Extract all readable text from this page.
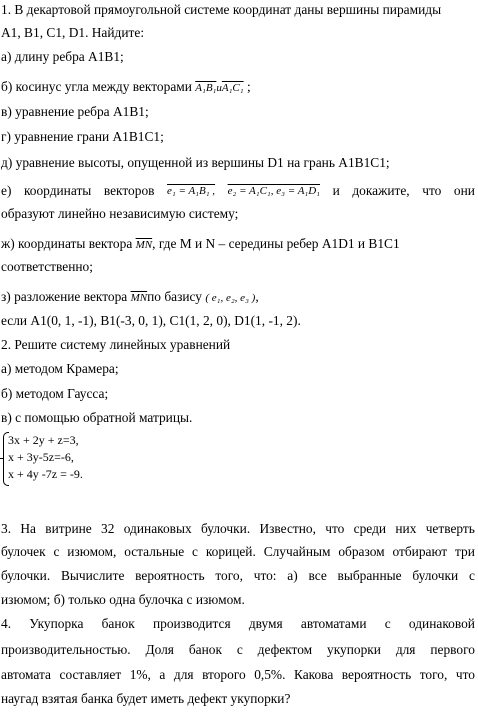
1. В декартовой прямоугольной системе координат даны вершины пирамиды
A1, B1, C1, D1. Найдите:
а) длину ребра A1B1;
б) косинус угла между векторами A₁B₁иA₁C₁ ;
в) уравнение ребра A1B1;
г) уравнение грани A1B1C1;
д) уравнение высоты, опущенной из вершины D1 на грань A1B1C1;
е) координаты векторов e₁ = A₁B₁ , e₂ = A₁C₁, e₃ = A₁D₁ и докажите, что они
образуют линейно независимую систему;
ж) координаты вектора $\overline{MN}$, где М и N – середины ребер A1D1 и B1C1
соответственно;
з) разложение вектора $\overline{MN}по$ базису ( e₁, e₂, e₃ ),
если A1(0, 1, -1), B1(-3, 0, 1), C1(1, 2, 0), D1(1, -1, 2).
2. Решите систему линейных уравнений
а) методом Крамера;
б) методом Гаусса;
в) с помощью обратной матрицы.
3x + 2y + z=3,
x + 3y-5z=-6,
x + 4y -7z = -9.
3. На витрине 32 одинаковых булочки. Известно, что среди них четверть
булочек с изюмом, остальные с корицей. Случайным образом отбирают три
булочки. Вычислите вероятность того, что: а) все выбранные булочки с
изюмом; б) только одна булочка с изюмом.
4. Укупорка банок производится двумя автоматами с одинаковой
производительностью. Доля банок с дефектом укупорки для первого
автомата составляет 1%, а для второго 0,5%. Какова вероятность того, что
наугад взятая банка будет иметь дефект укупорки?
